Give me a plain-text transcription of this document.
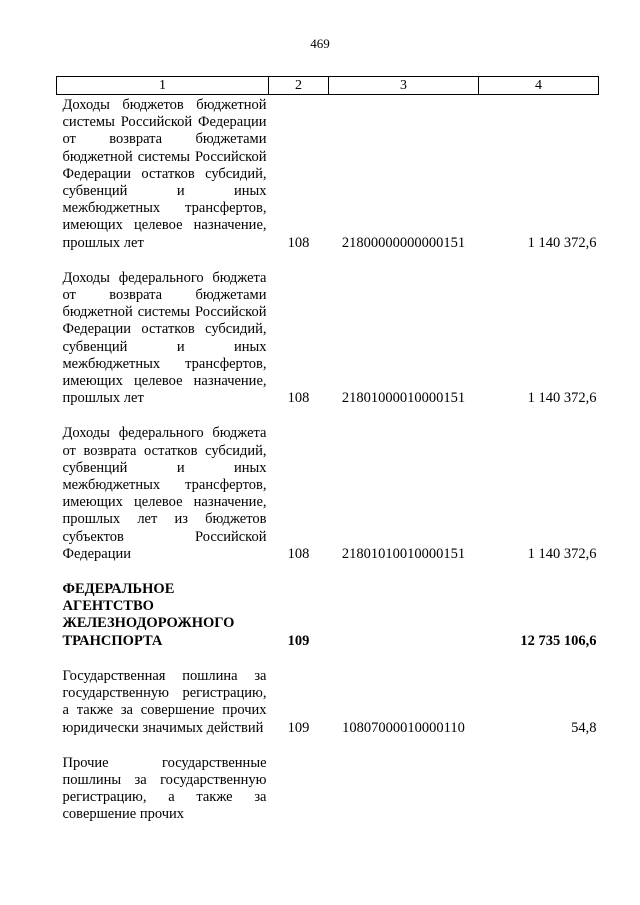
469
1	2	3	4
Доходы бюджетов бюджетной системы Российской Федерации от возврата бюджетами бюджетной системы Российской Федерации остатков субсидий, субвенций и иных межбюджетных трансфертов, имеющих целевое назначение, прошлых лет	108	21800000000000151	1 140 372,6

Доходы федерального бюджета от возврата бюджетами бюджетной системы Российской Федерации остатков субсидий, субвенций и иных межбюджетных трансфертов, имеющих целевое назначение, прошлых лет	108	21801000010000151	1 140 372,6

Доходы федерального бюджета от возврата остатков субсидий, субвенций и иных межбюджетных трансфертов, имеющих целевое назначение, прошлых лет из бюджетов субъектов Российской Федерации	108	21801010010000151	1 140 372,6

ФЕДЕРАЛЬНОЕ АГЕНТСТВО ЖЕЛЕЗНОДОРОЖНОГО ТРАНСПОРТА	109		12 735 106,6

Государственная пошлина за государственную регистрацию, а также за совершение прочих юридически значимых действий	109	10807000010000110	54,8

Прочие государственные пошлины за государственную регистрацию, а также за совершение прочих			
